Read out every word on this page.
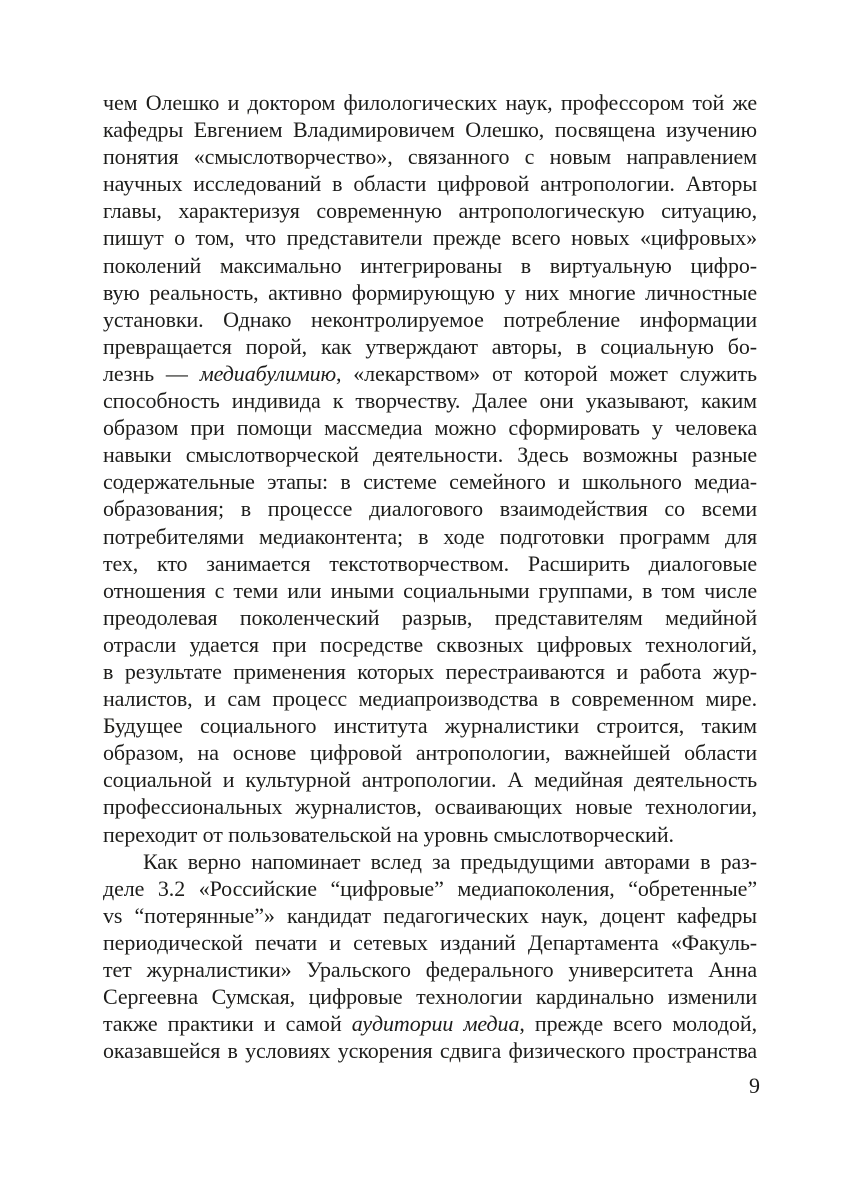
чем Олешко и доктором филологических наук, профессором той же
кафедры Евгением Владимировичем Олешко, посвящена изучению
понятия «смыслотворчество», связанного с новым направлением
научных исследований в области цифровой антропологии. Авторы
главы, характеризуя современную антропологическую ситуацию,
пишут о том, что представители прежде всего новых «цифровых»
поколений максимально интегрированы в виртуальную цифро-
вую реальность, активно формирующую у них многие личностные
установки. Однако неконтролируемое потребление информации
превращается порой, как утверждают авторы, в социальную бо-
лезнь — медиабулимию, «лекарством» от которой может служить
способность индивида к творчеству. Далее они указывают, каким
образом при помощи массмедиа можно сформировать у человека
навыки смыслотворческой деятельности. Здесь возможны разные
содержательные этапы: в системе семейного и школьного медиа-
образования; в процессе диалогового взаимодействия со всеми
потребителями медиаконтента; в ходе подготовки программ для
тех, кто занимается текстотворчеством. Расширить диалоговые
отношения с теми или иными социальными группами, в том числе
преодолевая поколенческий разрыв, представителям медийной
отрасли удается при посредстве сквозных цифровых технологий,
в результате применения которых перестраиваются и работа жур-
налистов, и сам процесс медиапроизводства в современном мире.
Будущее социального института журналистики строится, таким
образом, на основе цифровой антропологии, важнейшей области
социальной и культурной антропологии. А медийная деятельность
профессиональных журналистов, осваивающих новые технологии,
переходит от пользовательской на уровнь смыслотворческий.
Как верно напоминает вслед за предыдущими авторами в раз-
деле 3.2 «Российские “цифровые” медиапоколения, “обретенные”
vs “потерянные”» кандидат педагогических наук, доцент кафедры
периодической печати и сетевых изданий Департамента «Факуль-
тет журналистики» Уральского федерального университета Анна
Сергеевна Сумская, цифровые технологии кардинально изменили
также практики и самой аудитории медиа, прежде всего молодой,
оказавшейся в условиях ускорения сдвига физического пространства
9
